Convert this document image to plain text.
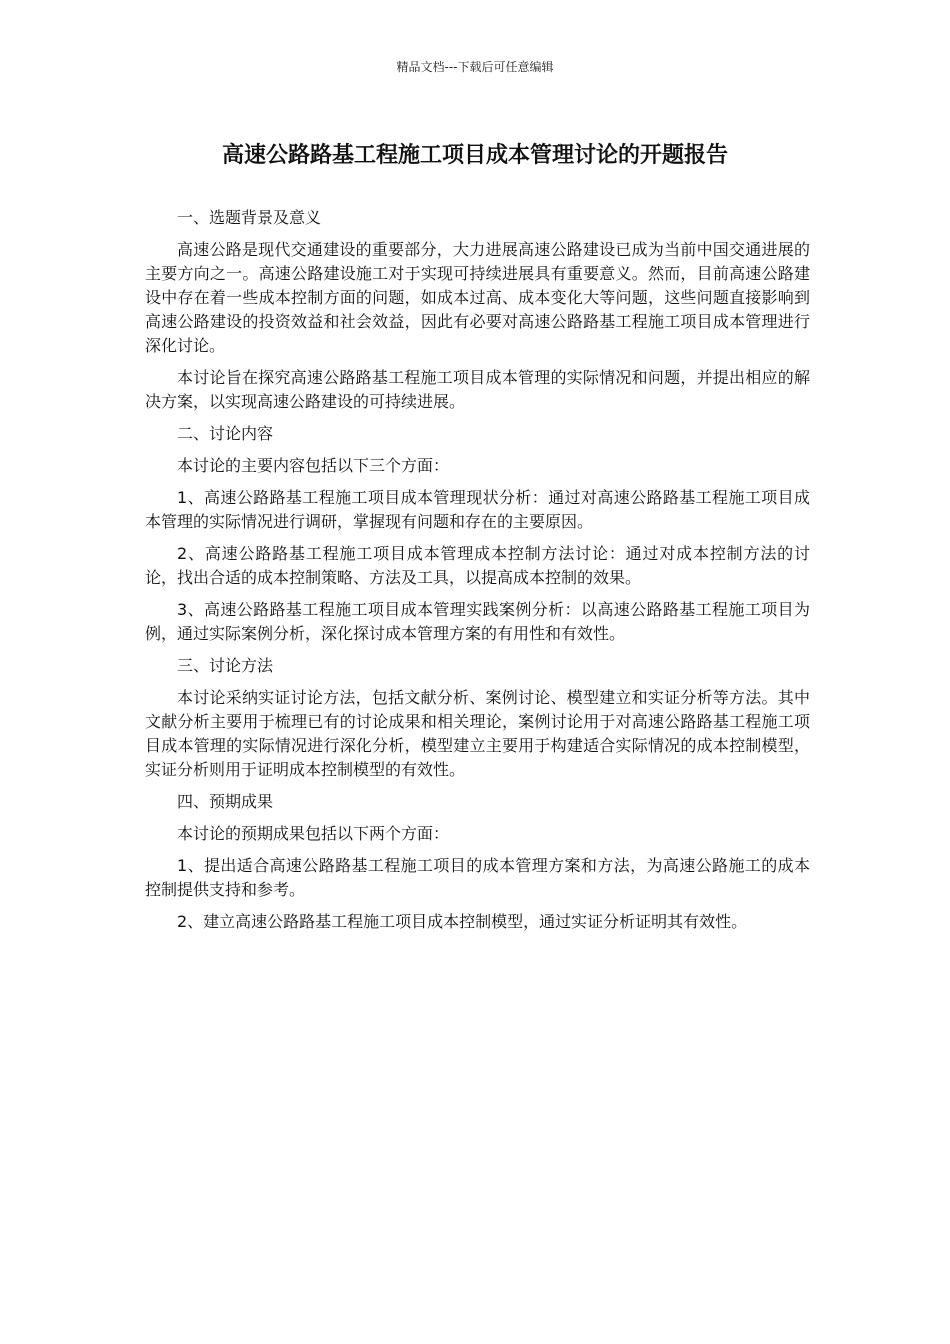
精品文档---下载后可任意编辑
高速公路路基工程施工项目成本管理讨论的开题报告

一、选题背景及意义

高速公路是现代交通建设的重要部分，大力进展高速公路建设已成为当前中国交通进展的主要方向之一。高速公路建设施工对于实现可持续进展具有重要意义。然而，目前高速公路建设中存在着一些成本控制方面的问题，如成本过高、成本变化大等问题，这些问题直接影响到高速公路建设的投资效益和社会效益，因此有必要对高速公路路基工程施工项目成本管理进行深化讨论。

本讨论旨在探究高速公路路基工程施工项目成本管理的实际情况和问题，并提出相应的解决方案，以实现高速公路建设的可持续进展。

二、讨论内容

本讨论的主要内容包括以下三个方面：

1、高速公路路基工程施工项目成本管理现状分析：通过对高速公路路基工程施工项目成本管理的实际情况进行调研，掌握现有问题和存在的主要原因。

2、高速公路路基工程施工项目成本管理成本控制方法讨论：通过对成本控制方法的讨论，找出合适的成本控制策略、方法及工具，以提高成本控制的效果。

3、高速公路路基工程施工项目成本管理实践案例分析：以高速公路路基工程施工项目为例，通过实际案例分析，深化探讨成本管理方案的有用性和有效性。

三、讨论方法

本讨论采纳实证讨论方法，包括文献分析、案例讨论、模型建立和实证分析等方法。其中文献分析主要用于梳理已有的讨论成果和相关理论，案例讨论用于对高速公路路基工程施工项目成本管理的实际情况进行深化分析，模型建立主要用于构建适合实际情况的成本控制模型，实证分析则用于证明成本控制模型的有效性。

四、预期成果

本讨论的预期成果包括以下两个方面：

1、提出适合高速公路路基工程施工项目的成本管理方案和方法，为高速公路施工的成本控制提供支持和参考。

2、建立高速公路路基工程施工项目成本控制模型，通过实证分析证明其有效性。
